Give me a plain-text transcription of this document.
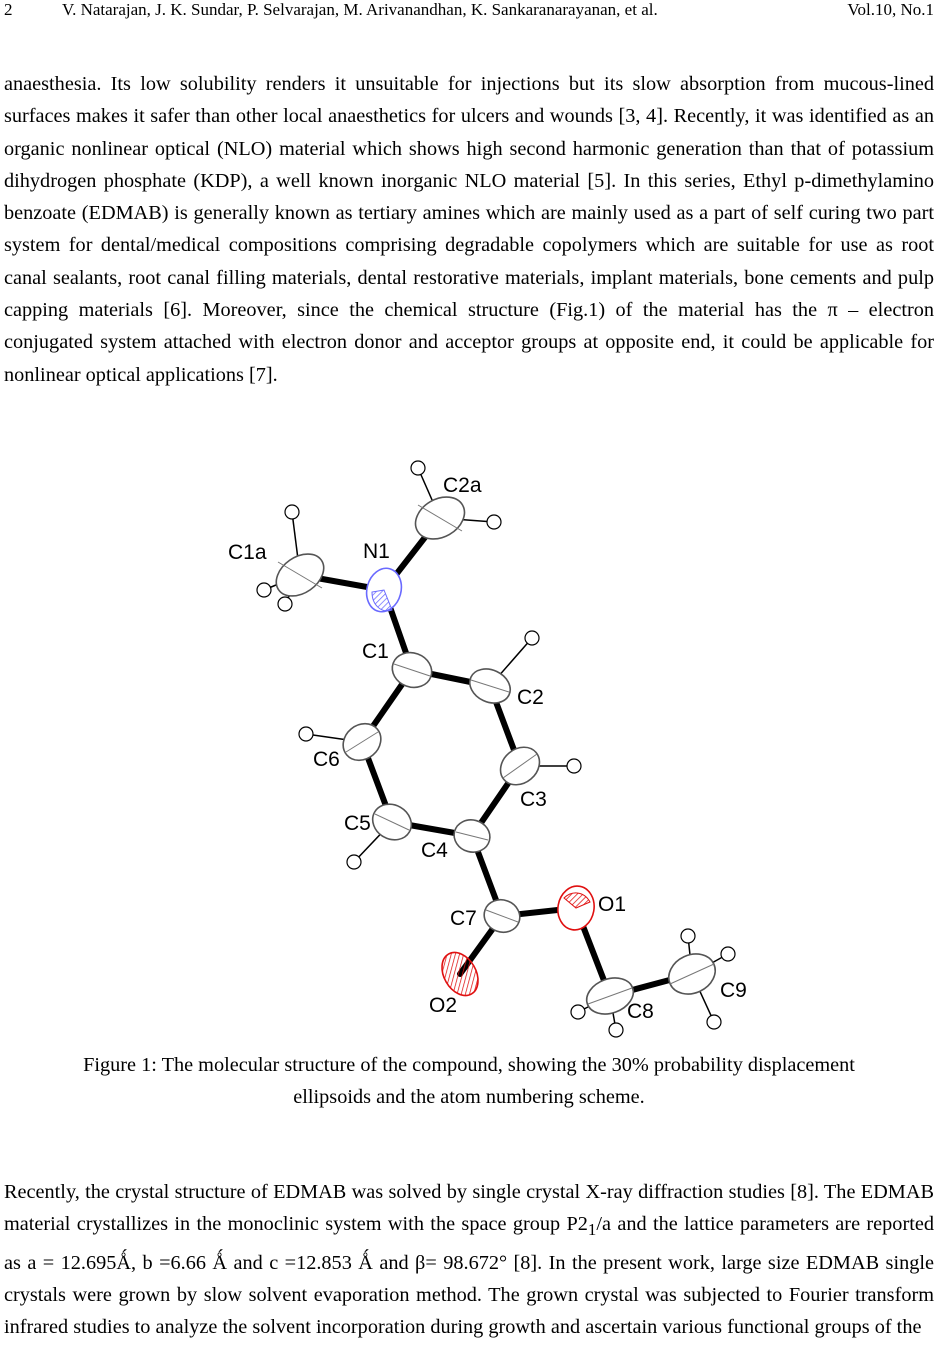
2	V. Natarajan, J. K. Sundar, P. Selvarajan, M. Arivanandhan, K. Sankaranarayanan, et al.	Vol.10, No.1
anaesthesia. Its low solubility renders it unsuitable for injections but its slow absorption from mucous-lined surfaces makes it safer than other local anaesthetics for ulcers and wounds [3, 4]. Recently, it was identified as an organic nonlinear optical (NLO) material which shows high second harmonic generation than that of potassium dihydrogen phosphate (KDP), a well known inorganic NLO material [5]. In this series, Ethyl p-dimethylamino benzoate (EDMAB) is generally known as tertiary amines which are mainly used as a part of self curing two part system for dental/medical compositions comprising degradable copolymers which are suitable for use as root canal sealants, root canal filling materials, dental restorative materials, implant materials, bone cements and pulp capping materials [6]. Moreover, since the chemical structure (Fig.1) of the material has the π – electron conjugated system attached with electron donor and acceptor groups at opposite end, it could be applicable for nonlinear optical applications [7].
C2a
C1a	N1
C1
C2
C6
C3
C5
C4
C7
O1
C9
C8
O2
Figure 1: The molecular structure of the compound, showing the 30% probability displacement
ellipsoids and the atom numbering scheme.
Recently, the crystal structure of EDMAB was solved by single crystal X-ray diffraction studies [8]. The EDMAB material crystallizes in the monoclinic system with the space group $P2_1/a$ and the lattice parameters are reported as a = 12.695Ǻ, b =6.66 Ǻ and c =12.853 Ǻ and β= 98.672° [8]. In the present work, large size EDMAB single crystals were grown by slow solvent evaporation method. The grown crystal was subjected to Fourier transform infrared studies to analyze the solvent incorporation during growth and ascertain various functional groups of the
